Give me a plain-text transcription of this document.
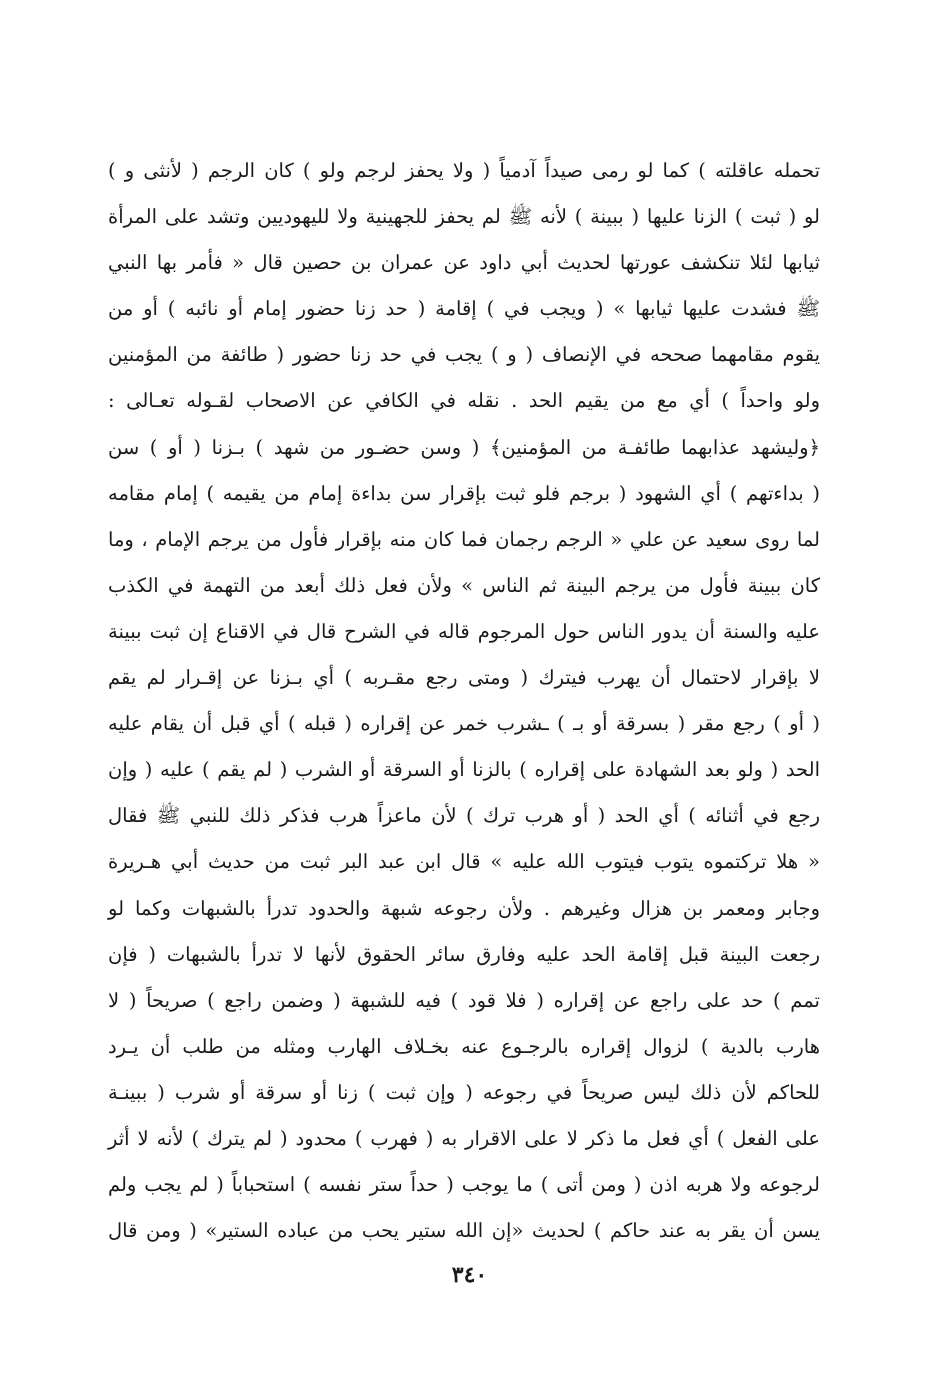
تحمله عاقلته ) كما لو رمى صيداً آدمياً ( ولا يحفز لرجم ولو ) كان الرجم ( لأنثى و )
لو ( ثبت ) الزنا عليها ( ببينة ) لأنه ﷺ لم يحفز للجهينية ولا لليهوديين وتشد على المرأة
ثيابها لئلا تنكشف عورتها لحديث أبي داود عن عمران بن حصين قال « فأمر بها النبي
ﷺ فشدت عليها ثيابها » ( ويجب في ) إقامة ( حد زنا حضور إمام أو نائبه ) أو من
يقوم مقامهما صححه في الإنصاف ( و ) يجب في حد زنا حضور ( طائفة من المؤمنين
ولو واحداً ) أي مع من يقيم الحد . نقله في الكافي عن الاصحاب لقـوله تعـالى :
﴿وليشهد عذابهما طائفـة من المؤمنين﴾ ( وسن حضـور من شهد ) بـزنا ( أو ) سن
( بداءتهم ) أي الشهود ( برجم فلو ثبت بإقرار سن بداءة إمام من يقيمه ) إمام مقامه
لما روى سعيد عن علي « الرجم رجمان فما كان منه بإقرار فأول من يرجم الإمام ، وما
كان ببينة فأول من يرجم البينة ثم الناس » ولأن فعل ذلك أبعد من التهمة في الكذب
عليه والسنة أن يدور الناس حول المرجوم قاله في الشرح قال في الاقناع إن ثبت ببينة
لا بإقرار لاحتمال أن يهرب فيترك ( ومتى رجع مقـربه ) أي بـزنا عن إقـرار لم يقم
( أو ) رجع مقر ( بسرقة أو بـ ) ـشرب خمر عن إقراره ( قبله ) أي قبل أن يقام عليه
الحد ( ولو بعد الشهادة على إقراره ) بالزنا أو السرقة أو الشرب ( لم يقم ) عليه ( وإن
رجع في أثنائه ) أي الحد ( أو هرب ترك ) لأن ماعزاً هرب فذكر ذلك للنبي ﷺ فقال
« هلا تركتموه يتوب فيتوب الله عليه » قال ابن عبد البر ثبت من حديث أبي هـريرة
وجابر ومعمر بن هزال وغيرهم . ولأن رجوعه شبهة والحدود تدرأ بالشبهات وكما لو
رجعت البينة قبل إقامة الحد عليه وفارق سائر الحقوق لأنها لا تدرأ بالشبهات ( فإن
تمم ) حد على راجع عن إقراره ( فلا قود ) فيه للشبهة ( وضمن راجع ) صريحاً ( لا
هارب بالدية ) لزوال إقراره بالرجـوع عنه بخـلاف الهارب ومثله من طلب أن يـرد
للحاكم لأن ذلك ليس صريحاً في رجوعه ( وإن ثبت ) زنا أو سرقة أو شرب ( ببينـة
على الفعل ) أي فعل ما ذكر لا على الاقرار به ( فهرب ) محدود ( لم يترك ) لأنه لا أثر
لرجوعه ولا هربه اذن ( ومن أتى ) ما يوجب ( حداً ستر نفسه ) استحباباً ( لم يجب ولم
يسن أن يقر به عند حاكم ) لحديث «إن الله ستير يحب من عباده الستير» ( ومن قال
٣٤٠
